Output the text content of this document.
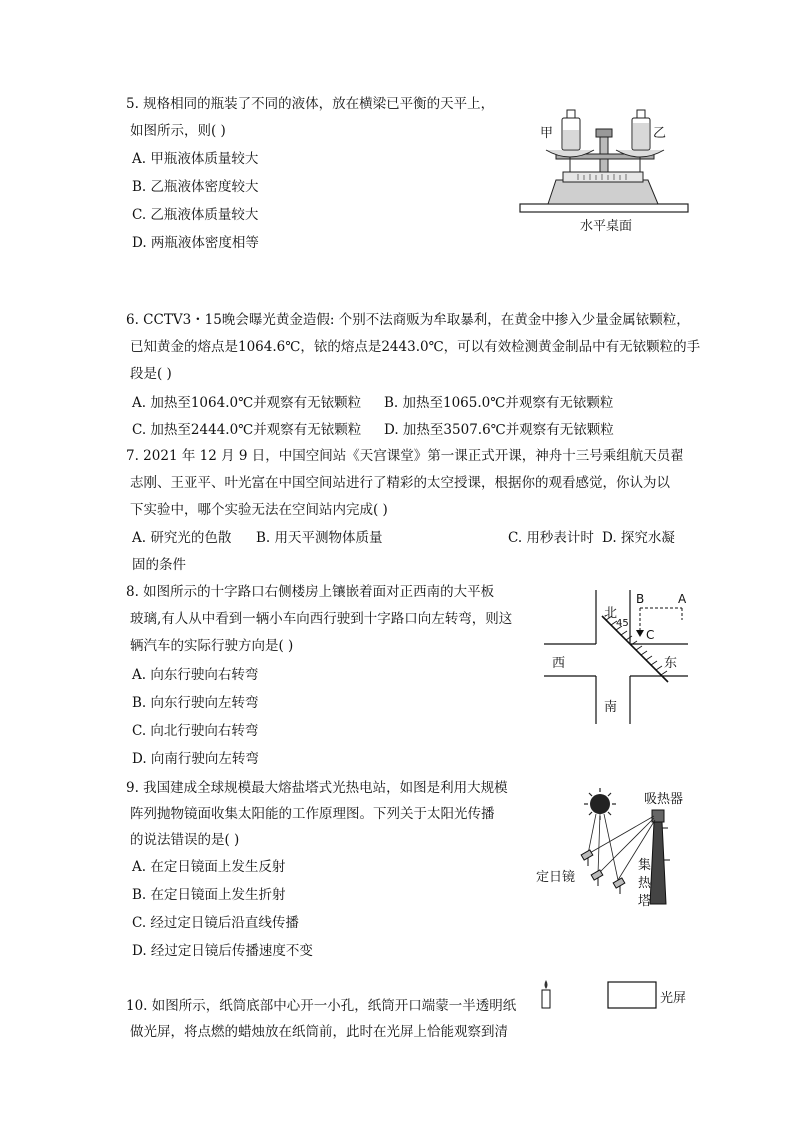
5. 规格相同的瓶装了不同的液体，放在横梁已平衡的天平上，
如图所示，则( )
A. 甲瓶液体质量较大
B. 乙瓶液体密度较大
C. 乙瓶液体质量较大
D. 两瓶液体密度相等
甲	乙
水平桌面
6. CCTV3・15晚会曝光黄金造假: 个别不法商贩为牟取暴利，在黄金中掺入少量金属铱颗粒，
已知黄金的熔点是1064.6℃，铱的熔点是2443.0℃，可以有效检测黄金制品中有无铱颗粒的手
段是( )
A. 加热至1064.0℃并观察有无铱颗粒 B. 加热至1065.0℃并观察有无铱颗粒
C. 加热至2444.0℃并观察有无铱颗粒 D. 加热至3507.6℃并观察有无铱颗粒
7. 2021 年 12 月 9 日，中国空间站《天宫课堂》第一课正式开课，神舟十三号乘组航天员翟
志刚、王亚平、叶光富在中国空间站进行了精彩的太空授课，根据你的观看感觉，你认为以
下实验中，哪个实验无法在空间站内完成( )
A. 研究光的色散 B. 用天平测物体质量	C. 用秒表计时 D. 探究水凝
固的条件
8. 如图所示的十字路口右侧楼房上镶嵌着面对正西南的大平板
玻璃,有人从中看到一辆小车向西行驶到十字路口向左转弯，则这
辆汽车的实际行驶方向是( )
A. 向东行驶向右转弯
B. 向东行驶向左转弯
C. 向北行驶向右转弯
D. 向南行驶向左转弯
北
南
西	东
45
B	A
C
9. 我国建成全球规模最大熔盐塔式光热电站，如图是利用大规模
阵列抛物镜面收集太阳能的工作原理图。下列关于太阳光传播
的说法错误的是( )
A. 在定日镜面上发生反射
B. 在定日镜面上发生折射
C. 经过定日镜后沿直线传播
D. 经过定日镜后传播速度不变
吸热器
定日镜
集
热
塔
10. 如图所示，纸筒底部中心开一小孔，纸筒开口端蒙一半透明纸
做光屏，将点燃的蜡烛放在纸筒前，此时在光屏上恰能观察到清
光屏
